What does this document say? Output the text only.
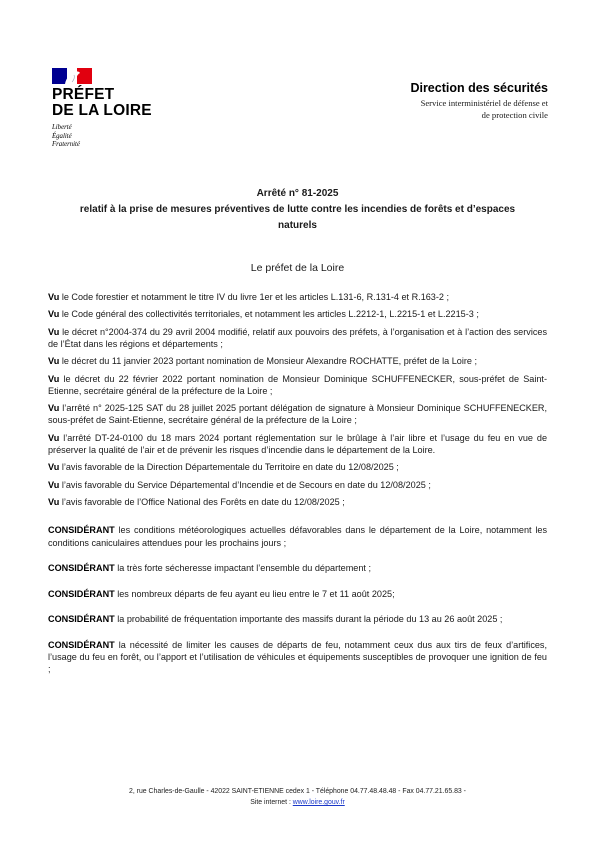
PRÉFET
DE LA LOIRE
Liberté
Égalité
Fraternité
Direction des sécurités
Service interministériel de défense et
de protection civile
Arrêté n° 81-2025
relatif à la prise de mesures préventives de lutte contre les incendies de forêts et d’espaces
naturels
Le préfet de la Loire

Vu le Code forestier et notamment le titre IV du livre 1er et les articles L.131-6, R.131-4 et R.163-2 ;

Vu le Code général des collectivités territoriales, et notamment les articles L.2212-1, L.2215-1 et L.2215-3 ;

Vu le décret n°2004-374 du 29 avril 2004 modifié, relatif aux pouvoirs des préfets, à l’organisation et à l’action des services de l’État dans les régions et départements ;

Vu le décret du 11 janvier 2023 portant nomination de Monsieur Alexandre ROCHATTE, préfet de la Loire ;

Vu le décret du 22 février 2022 portant nomination de Monsieur Dominique SCHUFFENECKER, sous-préfet de Saint-Etienne, secrétaire général de la préfecture de la Loire ;

Vu l’arrêté n° 2025-125 SAT du 28 juillet 2025 portant délégation de signature à Monsieur Dominique SCHUFFENECKER, sous-préfet de Saint-Etienne, secrétaire général de la préfecture de la Loire ;

Vu l’arrêté DT-24-0100 du 18 mars 2024 portant réglementation sur le brûlage à l’air libre et l’usage du feu en vue de préserver la qualité de l’air et de prévenir les risques d’incendie dans le département de la Loire.

Vu l’avis favorable de la Direction Départementale du Territoire en date du 12/08/2025 ;

Vu l’avis favorable du Service Départemental d’Incendie et de Secours en date du 12/08/2025 ;

Vu l’avis favorable de l’Office National des Forêts en date du 12/08/2025 ;

CONSIDÉRANT les conditions météorologiques actuelles défavorables dans le département de la Loire, notamment les conditions caniculaires attendues pour les prochains jours ;

CONSIDÉRANT la très forte sécheresse impactant l’ensemble du département ;

CONSIDÉRANT les nombreux départs de feu ayant eu lieu entre le 7 et 11 août 2025;

CONSIDÉRANT la probabilité de fréquentation importante des massifs durant la période du 13 au 26 août 2025 ;

CONSIDÉRANT la nécessité de limiter les causes de départs de feu, notamment ceux dus aux tirs de feux d’artifices, l’usage du feu en forêt, ou l’apport et l’utilisation de véhicules et équipements susceptibles de provoquer une ignition de feu ;

2, rue Charles-de-Gaulle - 42022 SAINT-ETIENNE cedex 1 - Téléphone 04.77.48.48.48 - Fax 04.77.21.65.83 -
Site internet : www.loire.gouv.fr
